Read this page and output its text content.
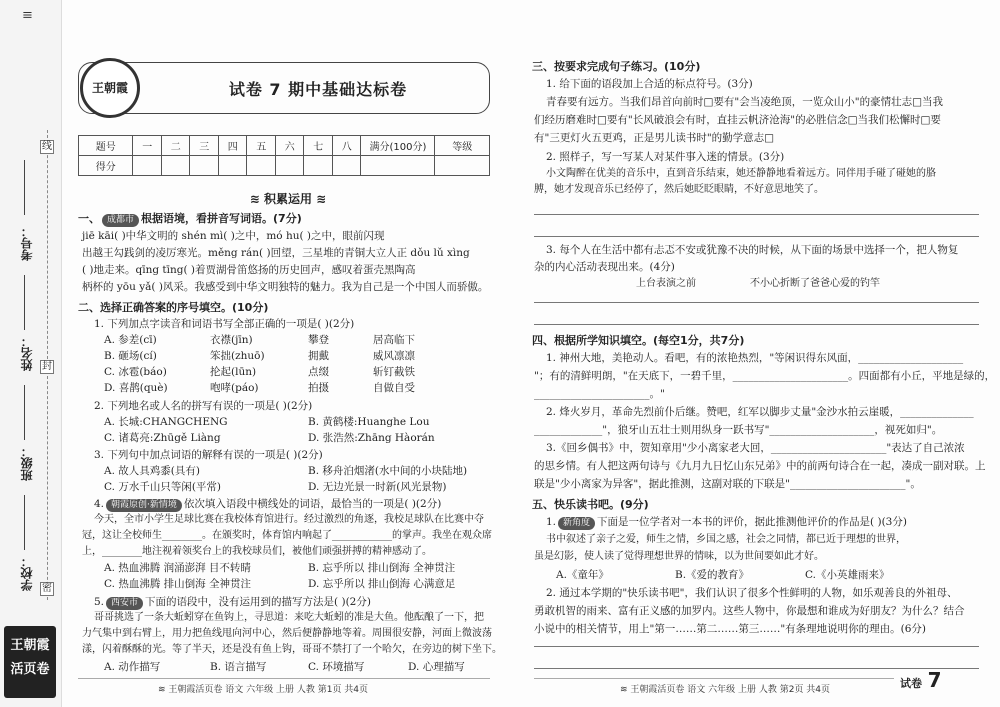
≡
线
封
密
考号：
姓名：
班级：
学校：
王朝霞
活页卷
王朝霞	试卷 7 期中基础达标卷
题号	一	二	三	四	五	六	七	八	满分(100分)	等级
得分										
≋ 积累运用 ≋
一、 成都市 根据语境，看拼音写词语。(7分)
jiē kāi( )中华文明的 shén mì( )之中，mó hu( )之中，眼前闪现
出越王勾践剑的凌厉寒光。měng rán( )回望，三星堆的青铜大立人正 dǒu lǔ xìng
( )地走来。qīng tīng( )着贾湖骨笛悠扬的历史回声，感叹着蛋壳黑陶高
柄杯的 yōu yǎ( )风采。我感受到中华文明独特的魅力。我为自己是一个中国人而骄傲。
二、选择正确答案的序号填空。(10分)
1. 下列加点字读音和词语书写全部正确的一项是( )(2分)
A. 参差(cī)	衣襟(jīn)	攀登	居高临下
B. 砸场(cí)	笨拙(zhuō)	拥戴	威风凛凛
C. 冰雹(báo)	抡起(lūn)	点缀	斩钉截铁
D. 喜鹊(què)	咆哮(páo)	拍摄	自做自受
2. 下列地名或人名的拼写有误的一项是( )(2分)
A. 长城:CHANGCHENG	B. 黄鹤楼:Huanghe Lou
C. 诸葛亮:Zhūgě Liàng	D. 张浩然:Zhāng Hàorán
3. 下列句中加点词语的解释有误的一项是( )(2分)
A. 故人具鸡黍(具有)	B. 移舟泊烟渚(水中间的小块陆地)
C. 万水千山只等闲(平常)	D. 无边光景一时新(风光景物)
4. 朝霞原创·新情境 依次填入语段中横线处的词语，最恰当的一项是( )(2分)
今天，全市小学生足球比赛在我校体育馆进行。经过激烈的角逐，我校足球队在比赛中夺
冠，这让全校师生________。在颁奖时，体育馆内响起了____________的掌声。我坐在观众席
上，________地注视着领奖台上的我校球员们，被他们顽强拼搏的精神感动了。
A. 热血沸腾 润涌澎湃 目不转睛	B. 忘乎所以 排山倒海 全神贯注
C. 热血沸腾 排山倒海 全神贯注	D. 忘乎所以 排山倒海 心满意足
5. 西安市 下面的语段中，没有运用到的描写方法是( )(2分)
哥哥挑选了一条大蚯蚓穿在鱼钩上，寻思道：来吃大蚯蚓的准是大鱼。他酝酿了一下，把
力气集中到右臂上，用力把鱼线甩向河中心，然后便静静地等着。周围很安静，河面上微波荡
漾，闪着酥酥的光。等了半天，还是没有鱼上钩，哥哥不禁打了一个哈欠，在旁边的树下坐下。
A. 动作描写	B. 语言描写	C. 环境描写	D. 心理描写
≋ 王朝霞活页卷 语文 六年级 上册 人教 第1页 共4页
三、按要求完成句子练习。(10分)
1. 给下面的语段加上合适的标点符号。(3分)
青春要有远方。当我们昂首向前时□要有"会当凌绝顶，一览众山小"的豪情壮志□当我
们经历磨难时□要有"长风破浪会有时，直挂云帆济沧海"的必胜信念□当我们松懈时□要
有"三更灯火五更鸡，正是男儿读书时"的勤学意志□
2. 照样子，写一写某人对某件事入迷的情景。(3分)
小文陶醉在优美的音乐中，直到音乐结束，她还静静地看着远方。同伴用手碰了碰她的胳
膊，她才发现音乐已经停了，然后她眨眨眼睛，不好意思地笑了。
3. 每个人在生活中都有忐忑不安或犹豫不决的时候，从下面的场景中选择一个，把人物复
杂的内心活动表现出来。(4分)
上台表演之前	不小心折断了爸爸心爱的钓竿
四、根据所学知识填空。(每空1分，共7分)
1. 神州大地，美艳动人。看吧，有的浓艳热烈，"等闲识得东风面，____________________
"；有的清鲜明朗，"在天底下，一碧千里，______________________。四面都有小丘，平地是绿的，
______________________。"
2. 烽火岁月，革命先烈前仆后继。赞吧，红军以脚步丈量"金沙水拍云崖暖，______________
_____________"，狼牙山五壮士则用纵身一跃书写"____________________，视死如归"。
3.《回乡偶书》中，贺知章用"少小离家老大回，______________________"表达了自己浓浓
的思乡情。有人把这两句诗与《九月九日忆山东兄弟》中的前两句诗合在一起，凑成一副对联。上
联是"少小离家为异客"，据此推测，这副对联的下联是"______________________"。
五、快乐读书吧。(9分)
1. 新角度 下面是一位学者对一本书的评价，据此推测他评价的作品是( )(3分)
书中叙述了亲子之爱，师生之情，乡国之感，社会之同情，都已近于理想的世界，
虽是幻影，使人读了觉得理想世界的情味，以为世间要如此才好。
A.《童年》	B.《爱的教育》	C.《小英雄雨来》
2. 通过本学期的"快乐读书吧"，我们认识了很多个性鲜明的人物，如乐观善良的外祖母、
勇敢机智的雨来、富有正义感的加罗内。这些人物中，你最想和谁成为好朋友？为什么？结合
小说中的相关情节，用上"第一……第二……第三……"有条理地说明你的理由。(6分)
≋ 王朝霞活页卷 语文 六年级 上册 人教 第2页 共4页	试卷 7
